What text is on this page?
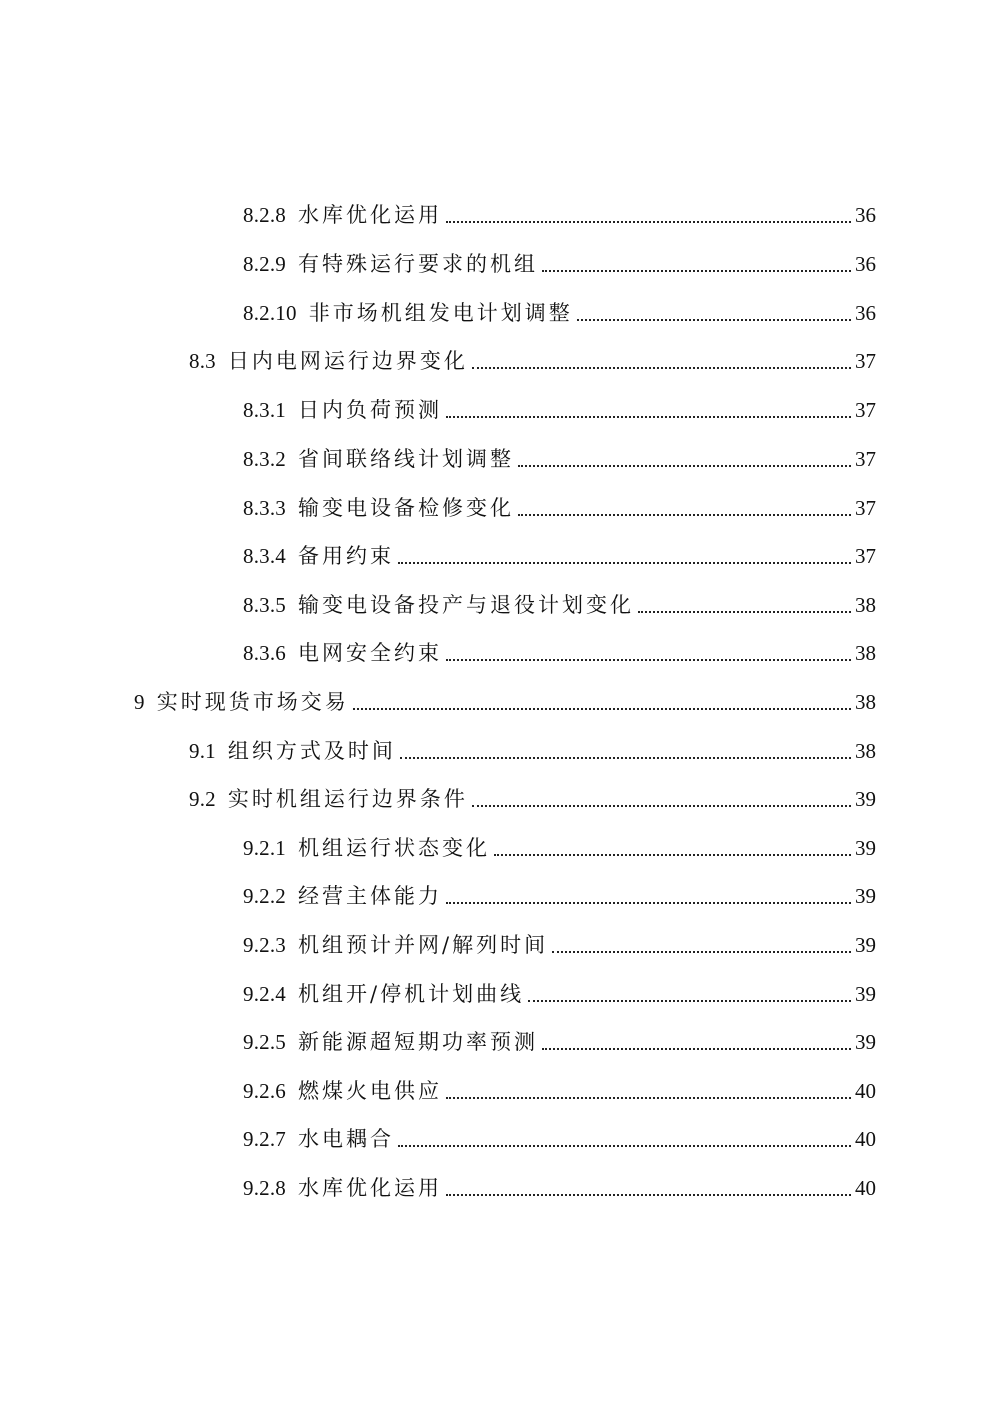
8.2.8 水库优化运用	36
8.2.9 有特殊运行要求的机组	36
8.2.10 非市场机组发电计划调整	36
8.3 日内电网运行边界变化	37
8.3.1 日内负荷预测	37
8.3.2 省间联络线计划调整	37
8.3.3 输变电设备检修变化	37
8.3.4 备用约束	37
8.3.5 输变电设备投产与退役计划变化	38
8.3.6 电网安全约束	38
9 实时现货市场交易	38
9.1 组织方式及时间	38
9.2 实时机组运行边界条件	39
9.2.1 机组运行状态变化	39
9.2.2 经营主体能力	39
9.2.3 机组预计并网/解列时间	39
9.2.4 机组开/停机计划曲线	39
9.2.5 新能源超短期功率预测	39
9.2.6 燃煤火电供应	40
9.2.7 水电耦合	40
9.2.8 水库优化运用	40
